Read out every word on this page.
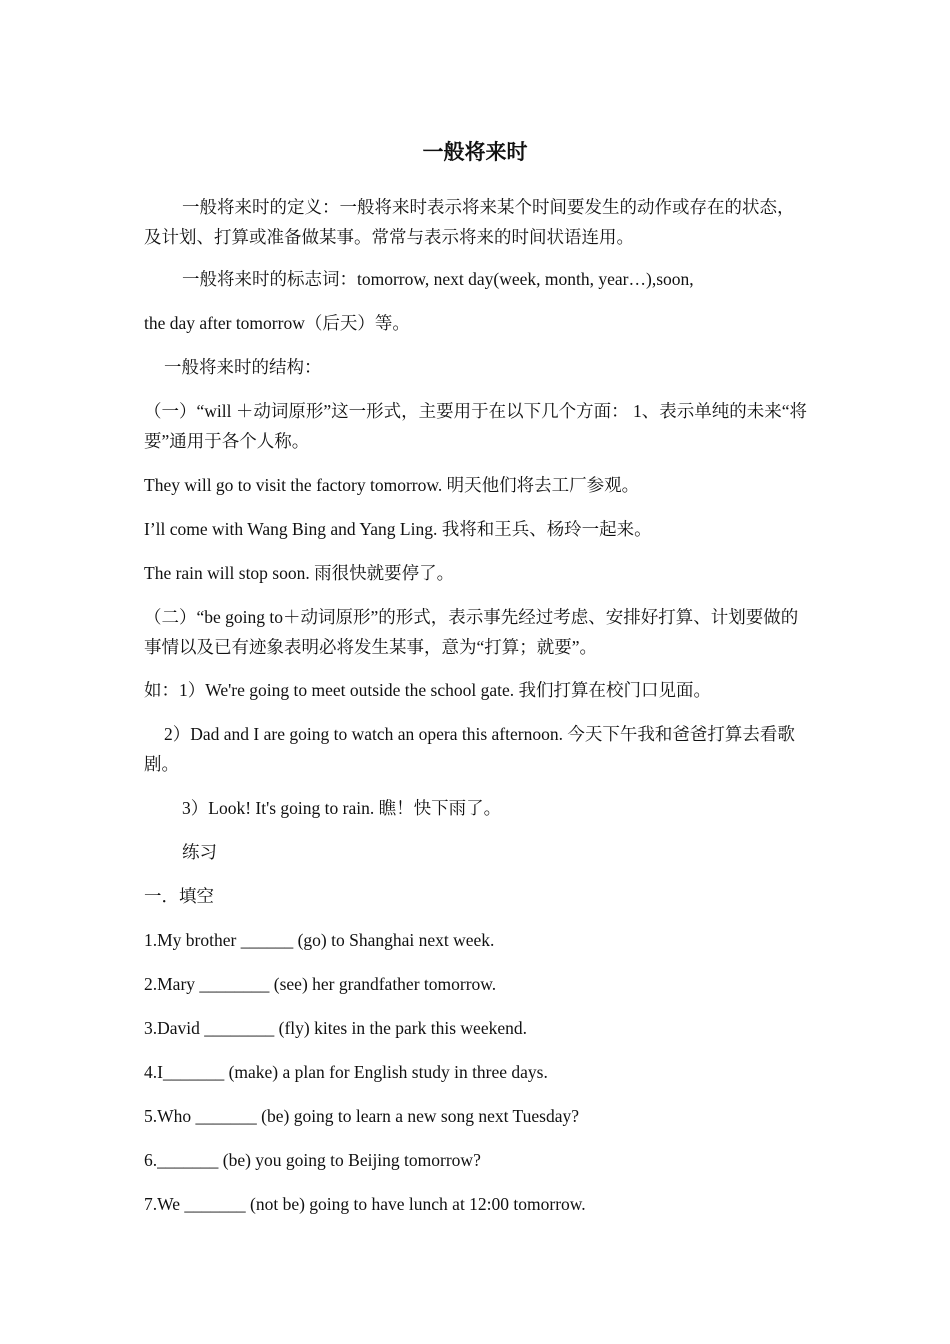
一般将来时

一般将来时的定义：一般将来时表示将来某个时间要发生的动作或存在的状态，及计划、打算或准备做某事。常常与表示将来的时间状语连用。

一般将来时的标志词：tomorrow, next day(week, month, year…),soon,

the day after tomorrow（后天）等。

一般将来时的结构：

（一）“will ＋动词原形”这一形式，主要用于在以下几个方面： 1、表示单纯的未来“将要”通用于各个人称。

They will go to visit the factory tomorrow. 明天他们将去工厂参观。

I’ll come with Wang Bing and Yang Ling. 我将和王兵、杨玲一起来。

The rain will stop soon. 雨很快就要停了。

（二）“be going to＋动词原形”的形式，表示事先经过考虑、安排好打算、计划要做的事情以及已有迹象表明必将发生某事，意为“打算；就要”。

如：1）We're going to meet outside the school gate. 我们打算在校门口见面。

2）Dad and I are going to watch an opera this afternoon. 今天下午我和爸爸打算去看歌剧。

3）Look! It's going to rain. 瞧！快下雨了。

练习

一．填空

1.My brother ______ (go) to Shanghai next week.

2.Mary ________ (see) her grandfather tomorrow.

3.David ________ (fly) kites in the park this weekend.

4.I_______ (make) a plan for English study in three days.

5.Who _______ (be) going to learn a new song next Tuesday?

6._______ (be) you going to Beijing tomorrow?

7.We _______ (not be) going to have lunch at 12:00 tomorrow.
